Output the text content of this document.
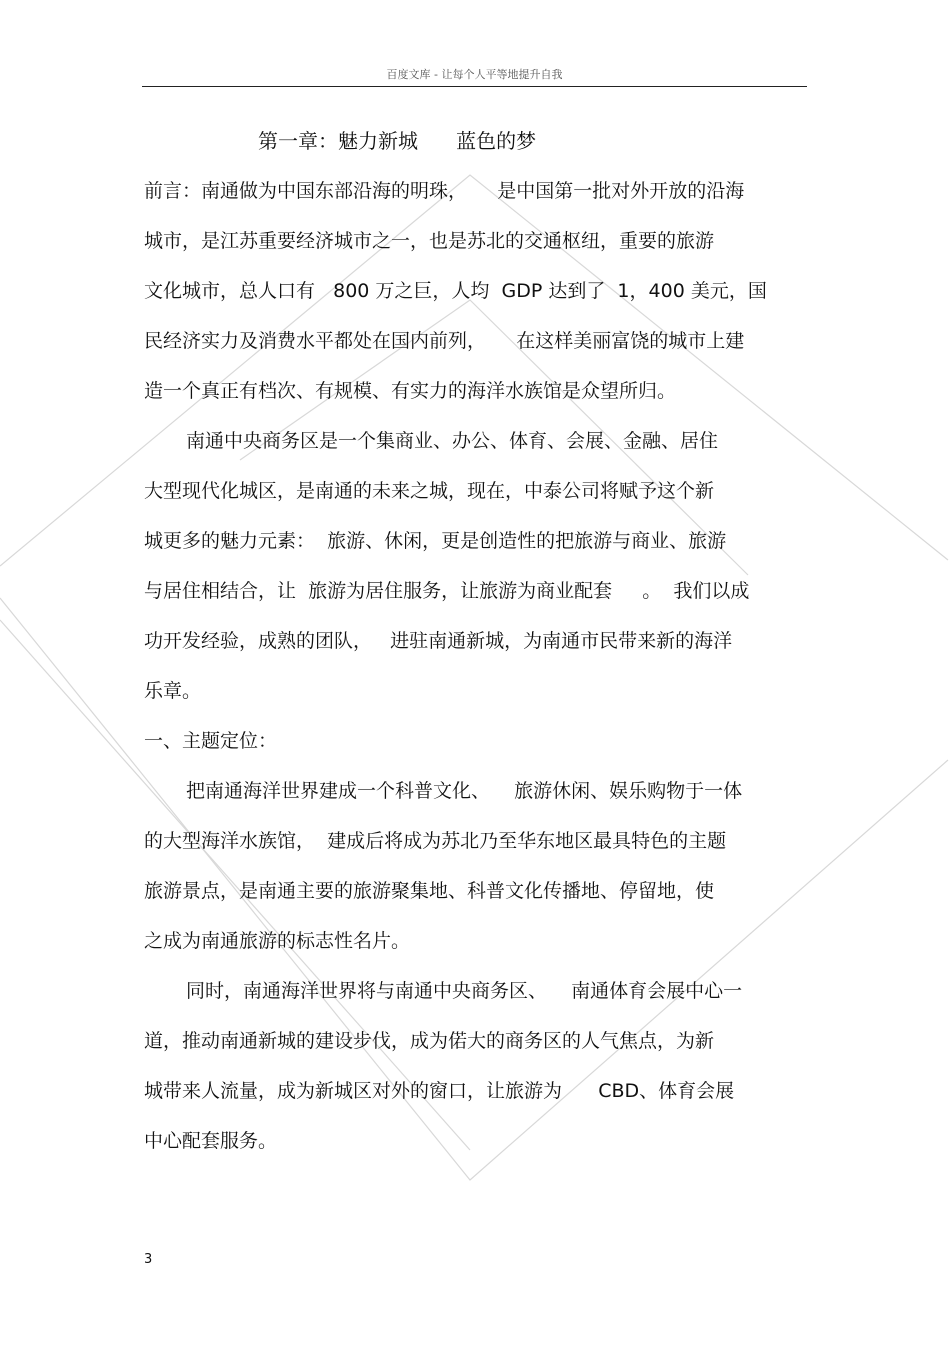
百度文库 - 让每个人平等地提升自我
第一章：魅力新城      蓝色的梦
前言：南通做为中国东部沿海的明珠，     是中国第一批对外开放的沿海
城市，是江苏重要经济城市之一，也是苏北的交通枢纽，重要的旅游
文化城市，总人口有   800 万之巨，人均  GDP 达到了  1，400 美元，国
民经济实力及消费水平都处在国内前列，     在这样美丽富饶的城市上建
造一个真正有档次、有规模、有实力的海洋水族馆是众望所归。
南通中央商务区是一个集商业、办公、体育、会展、金融、居住
大型现代化城区，是南通的未来之城，现在，中泰公司将赋予这个新
城更多的魅力元素：  旅游、休闲，更是创造性的把旅游与商业、旅游
与居住相结合，让  旅游为居住服务，让旅游为商业配套     。  我们以成
功开发经验，成熟的团队，   进驻南通新城，为南通市民带来新的海洋
乐章。
一、主题定位：
把南通海洋世界建成一个科普文化、    旅游休闲、娱乐购物于一体
的大型海洋水族馆，  建成后将成为苏北乃至华东地区最具特色的主题
旅游景点，是南通主要的旅游聚集地、科普文化传播地、停留地，使
之成为南通旅游的标志性名片。
同时，南通海洋世界将与南通中央商务区、    南通体育会展中心一
道，推动南通新城的建设步伐，成为偌大的商务区的人气焦点，为新
城带来人流量，成为新城区对外的窗口，让旅游为      CBD、体育会展
中心配套服务。
3
